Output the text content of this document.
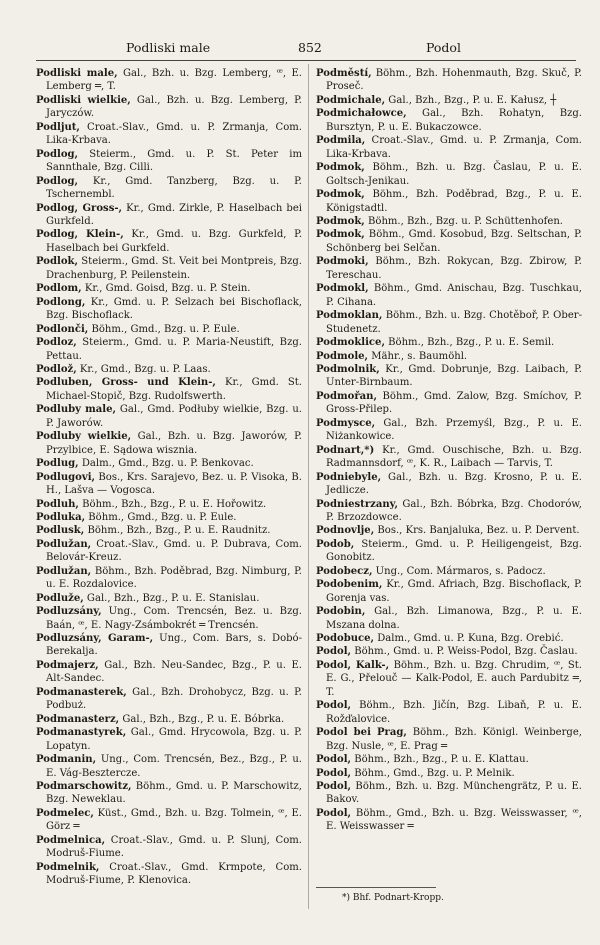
Podliski male	852	Podol
Podliski male, Gal., Bzh. u. Bzg. Lemberg, ꟹ, E. Lemberg ═, T.
Podliski wielkie, Gal., Bzh. u. Bzg. Lemberg, P. Jaryczów.
Podljut, Croat.-Slav., Gmd. u. P. Zrmanja, Com. Lika-Krbava.
Podlog, Steierm., Gmd. u. P. St. Peter im Sannthale, Bzg. Cilli.
Podlog, Kr., Gmd. Tanzberg, Bzg. u. P. Tschernembl.
Podlog, Gross-, Kr., Gmd. Zirkle, P. Haselbach bei Gurkfeld.
Podlog, Klein-, Kr., Gmd. u. Bzg. Gurkfeld, P. Haselbach bei Gurkfeld.
Podlok, Steierm., Gmd. St. Veit bei Montpreis, Bzg. Drachenburg, P. Peilenstein.
Podlom, Kr., Gmd. Goisd, Bzg. u. P. Stein.
Podlong, Kr., Gmd. u. P. Selzach bei Bischoflack, Bzg. Bischoflack.
Podlonči, Böhm., Gmd., Bzg. u. P. Eule.
Podloz, Steierm., Gmd. u. P. Maria-Neustift, Bzg. Pettau.
Podlož, Kr., Gmd., Bzg. u. P. Laas.
Podluben, Gross- und Klein-, Kr., Gmd. St. Michael-Stopič, Bzg. Rudolfswerth.
Podluby male, Gal., Gmd. Podłuby wielkie, Bzg. u. P. Jaworów.
Podluby wielkie, Gal., Bzh. u. Bzg. Jaworów, P. Przylbice, E. Sądowa wisznia.
Podlug, Dalm., Gmd., Bzg. u. P. Benkovac.
Podlugovi, Bos., Krs. Sarajevo, Bez. u. P. Visoka, B. H., Lašva — Vogosca.
Podluh, Böhm., Bzh., Bzg., P. u. E. Hořowitz.
Podluka, Böhm., Gmd., Bzg. u. P. Eule.
Podlusk, Böhm., Bzh., Bzg., P. u. E. Raudnitz.
Podlužan, Croat.-Slav., Gmd. u. P. Dubrava, Com. Belovár-Kreuz.
Podlužan, Böhm., Bzh. Poděbrad, Bzg. Nimburg, P. u. E. Rozdalovice.
Podluže, Gal., Bzh., Bzg., P. u. E. Stanislau.
Podluzsány, Ung., Com. Trencsén, Bez. u. Bzg. Baán, ꟹ, E. Nagy-Zsámbokrét ═ Trencsén.
Podluzsány, Garam-, Ung., Com. Bars, s. Dobó-Berekalja.
Podmajerz, Gal., Bzh. Neu-Sandec, Bzg., P. u. E. Alt-Sandec.
Podmanasterek, Gal., Bzh. Drohobycz, Bzg. u. P. Podbuż.
Podmanasterz, Gal., Bzh., Bzg., P. u. E. Bóbrka.
Podmanastyrek, Gal., Gmd. Hrycowola, Bzg. u. P. Lopatyn.
Podmanin, Ung., Com. Trencsén, Bez., Bzg., P. u. E. Vág-Besztercze.
Podmarschowitz, Böhm., Gmd. u. P. Marschowitz, Bzg. Neweklau.
Podmelec, Küst., Gmd., Bzh. u. Bzg. Tolmein, ꟹ, E. Görz ═
Podmelnica, Croat.-Slav., Gmd. u. P. Slunj, Com. Modruš-Fiume.
Podmelnik, Croat.-Slav., Gmd. Krmpote, Com. Modruš-Fiume, P. Klenovica.
Podměstí, Böhm., Bzh. Hohenmauth, Bzg. Skuč, P. Proseč.
Podmichale, Gal., Bzh., Bzg., P. u. E. Kałusz, ┼
Podmichałowce, Gal., Bzh. Rohatyn, Bzg. Bursztyn, P. u. E. Bukaczowce.
Podmila, Croat.-Slav., Gmd. u. P. Zrmanja, Com. Lika-Krbava.
Podmok, Böhm., Bzh. u. Bzg. Časlau, P. u. E. Goltsch-Jenikau.
Podmok, Böhm., Bzh. Poděbrad, Bzg., P. u. E. Königstadtl.
Podmok, Böhm., Bzh., Bzg. u. P. Schüttenhofen.
Podmok, Böhm., Gmd. Kosobud, Bzg. Seltschan, P. Schönberg bei Selčan.
Podmoki, Böhm., Bzh. Rokycan, Bzg. Zbirow, P. Tereschau.
Podmokl, Böhm., Gmd. Anischau, Bzg. Tuschkau, P. Cihana.
Podmoklan, Böhm., Bzh. u. Bzg. Chotěboř, P. Ober-Studenetz.
Podmoklice, Böhm., Bzh., Bzg., P. u. E. Semil.
Podmole, Mähr., s. Baumöhl.
Podmolnik, Kr., Gmd. Dobrunje, Bzg. Laibach, P. Unter-Birnbaum.
Podmořan, Böhm., Gmd. Zalow, Bzg. Smíchov, P. Gross-Přilep.
Podmysce, Gal., Bzh. Przemyśl, Bzg., P. u. E. Niżankowice.
Podnart,*) Kr., Gmd. Ouschische, Bzh. u. Bzg. Radmannsdorf, ꟹ, K. R., Laibach — Tarvis, T.
Podniebyle, Gal., Bzh. u. Bzg. Krosno, P. u. E. Jedlicze.
Podniestrzany, Gal., Bzh. Bóbrka, Bzg. Chodorów, P. Brzozdowce.
Podnovlje, Bos., Krs. Banjaluka, Bez. u. P. Dervent.
Podob, Steierm., Gmd. u. P. Heiligengeist, Bzg. Gonobitz.
Podobecz, Ung., Com. Mármaros, s. Padocz.
Podobenim, Kr., Gmd. Afriach, Bzg. Bischoflack, P. Gorenja vas.
Podobin, Gal., Bzh. Limanowa, Bzg., P. u. E. Mszana dolna.
Podobuce, Dalm., Gmd. u. P. Kuna, Bzg. Orebić.
Podol, Böhm., Gmd. u. P. Weiss-Podol, Bzg. Časlau.
Podol, Kalk-, Böhm., Bzh. u. Bzg. Chrudim, ꟹ, St. E. G., Přelouč — Kalk-Podol, E. auch Pardubitz ═, T.
Podol, Böhm., Bzh. Jičín, Bzg. Libaň, P. u. E. Rožďalovice.
Podol bei Prag, Böhm., Bzh. Königl. Weinberge, Bzg. Nusle, ꟹ, E. Prag ═
Podol, Böhm., Bzh., Bzg., P. u. E. Klattau.
Podol, Böhm., Gmd., Bzg. u. P. Melnik.
Podol, Böhm., Bzh. u. Bzg. Münchengrätz, P. u. E. Bakov.
Podol, Böhm., Gmd., Bzh. u. Bzg. Weisswasser, ꟹ, E. Weisswasser ═
*) Bhf. Podnart-Kropp.
